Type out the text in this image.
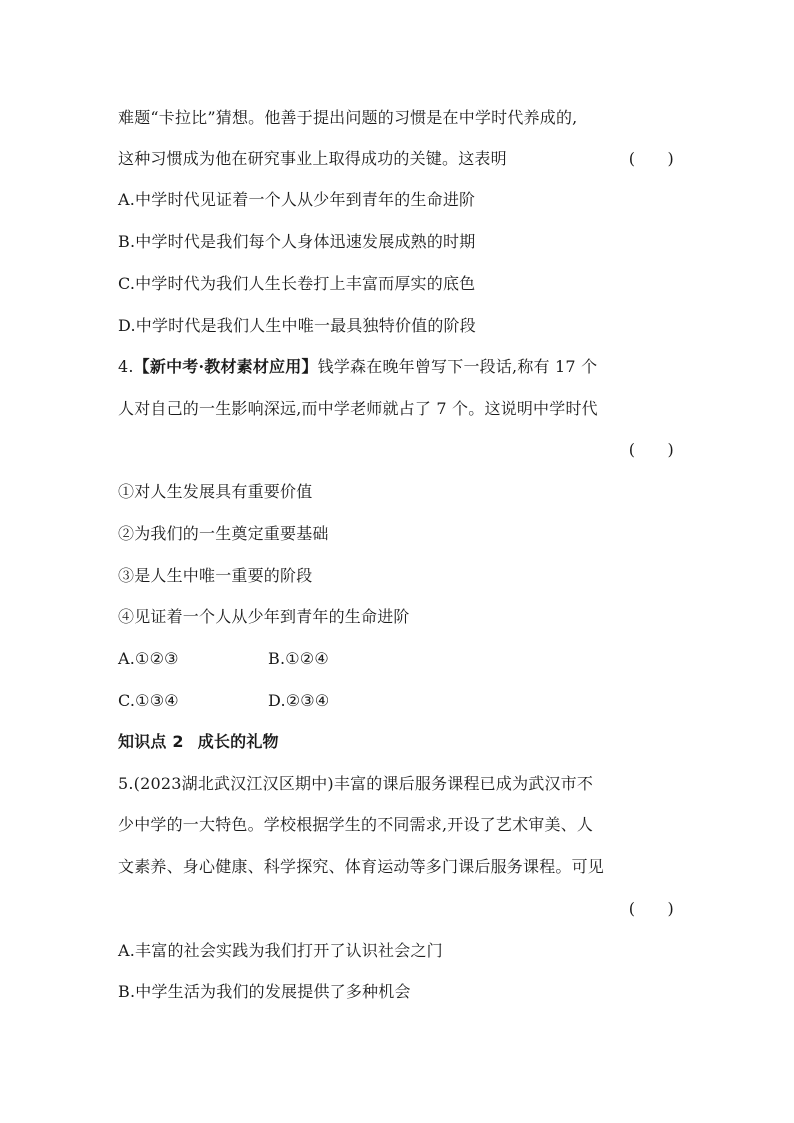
难题“卡拉比”猜想。他善于提出问题的习惯是在中学时代养成的,
这种习惯成为他在研究事业上取得成功的关键。这表明	(　　)
A.中学时代见证着一个人从少年到青年的生命进阶
B.中学时代是我们每个人身体迅速发展成熟的时期
C.中学时代为我们人生长卷打上丰富而厚实的底色
D.中学时代是我们人生中唯一最具独特价值的阶段
4.【新中考·教材素材应用】钱学森在晚年曾写下一段话,称有 17 个
人对自己的一生影响深远,而中学老师就占了 7 个。这说明中学时代
(　　)
①对人生发展具有重要价值
②为我们的一生奠定重要基础
③是人生中唯一重要的阶段
④见证着一个人从少年到青年的生命进阶
A.①②③	B.①②④
C.①③④	D.②③④
知识点 2 成长的礼物
5.(2023湖北武汉江汉区期中)丰富的课后服务课程已成为武汉市不
少中学的一大特色。学校根据学生的不同需求,开设了艺术审美、人
文素养、身心健康、科学探究、体育运动等多门课后服务课程。可见
(　　)
A.丰富的社会实践为我们打开了认识社会之门
B.中学生活为我们的发展提供了多种机会
